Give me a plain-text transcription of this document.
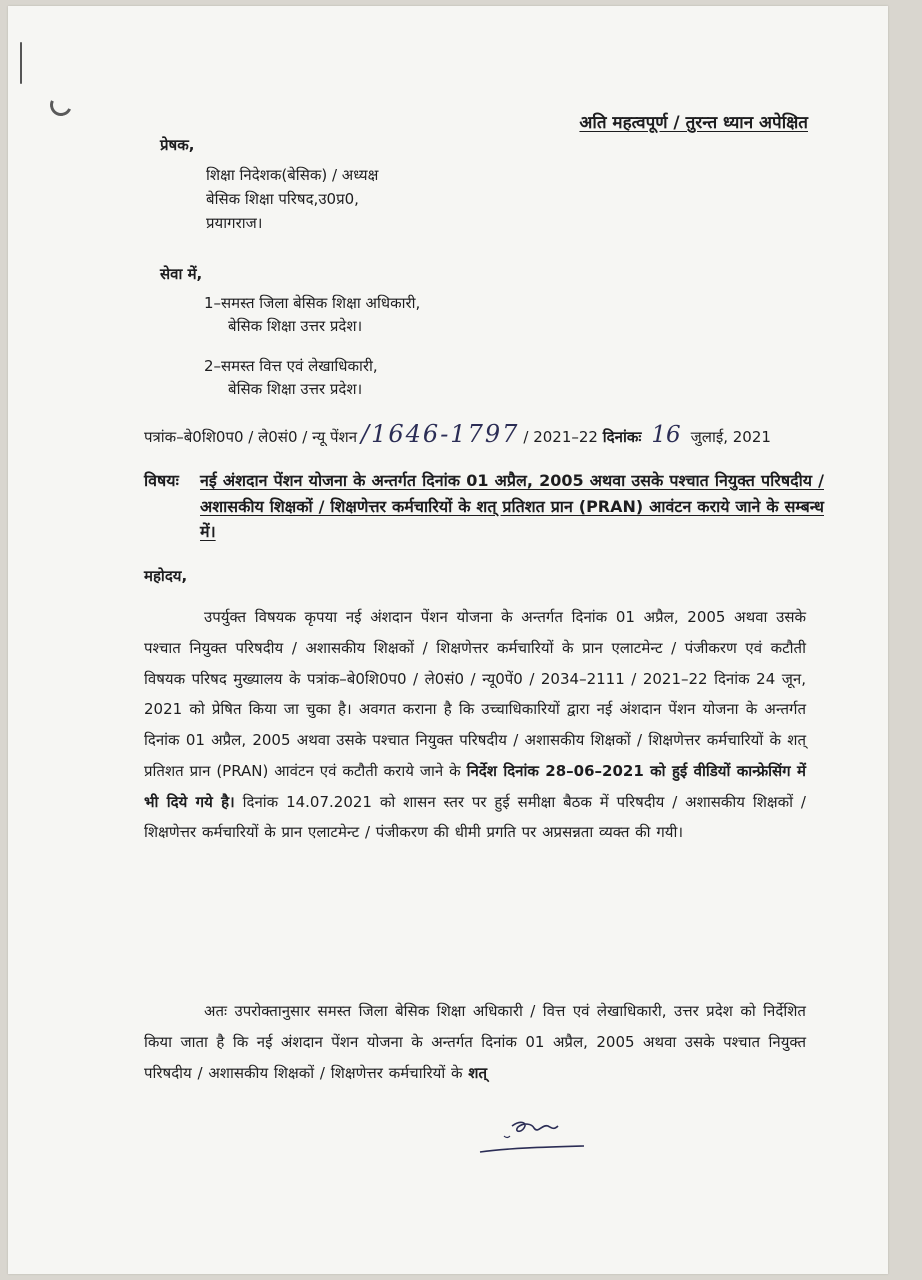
अति महत्वपूर्ण / तुरन्त ध्यान अपेक्षित
प्रेषक,
शिक्षा निदेशक(बेसिक) / अध्यक्ष
बेसिक शिक्षा परिषद,उ0प्र0,
प्रयागराज।
सेवा में,
1–समस्त जिला बेसिक शिक्षा अधिकारी,
बेसिक शिक्षा उत्तर प्रदेश।
2–समस्त वित्त एवं लेखाधिकारी,
बेसिक शिक्षा उत्तर प्रदेश।
पत्रांक–बे0शि0प0 / ले0सं0 / न्यू पेंशन /1646-1797 / 2021–22 दिनांकः 16 जुलाई, 2021
विषयः नई अंशदान पेंशन योजना के अन्तर्गत दिनांक 01 अप्रैल, 2005 अथवा उसके पश्चात नियुक्त परिषदीय / अशासकीय शिक्षकों / शिक्षणेत्तर कर्मचारियों के शत् प्रतिशत प्रान (PRAN) आवंटन कराये जाने के सम्बन्ध में।
महोदय,
उपर्युक्त विषयक कृपया नई अंशदान पेंशन योजना के अन्तर्गत दिनांक 01 अप्रैल, 2005 अथवा उसके पश्चात नियुक्त परिषदीय / अशासकीय शिक्षकों / शिक्षणेत्तर कर्मचारियों के प्रान एलाटमेन्ट / पंजीकरण एवं कटौती विषयक परिषद मुख्यालय के पत्रांक–बे0शि0प0 / ले0सं0 / न्यू0पें0 / 2034–2111 / 2021–22 दिनांक 24 जून, 2021 को प्रेषित किया जा चुका है। अवगत कराना है कि उच्चाधिकारियों द्वारा नई अंशदान पेंशन योजना के अन्तर्गत दिनांक 01 अप्रैल, 2005 अथवा उसके पश्चात नियुक्त परिषदीय / अशासकीय शिक्षकों / शिक्षणेत्तर कर्मचारियों के शत् प्रतिशत प्रान (PRAN) आवंटन एवं कटौती कराये जाने के निर्देश दिनांक 28–06–2021 को हुई वीडियों कान्फ्रेसिंग में भी दिये गये है। दिनांक 14.07.2021 को शासन स्तर पर हुई समीक्षा बैठक में परिषदीय / अशासकीय शिक्षकों / शिक्षणेत्तर कर्मचारियों के प्रान एलाटमेन्ट / पंजीकरण की धीमी प्रगति पर अप्रसन्नता व्यक्त की गयी।
अतः उपरोक्तानुसार समस्त जिला बेसिक शिक्षा अधिकारी / वित्त एवं लेखाधिकारी, उत्तर प्रदेश को निर्देशित किया जाता है कि नई अंशदान पेंशन योजना के अन्तर्गत दिनांक 01 अप्रैल, 2005 अथवा उसके पश्चात नियुक्त परिषदीय / अशासकीय शिक्षकों / शिक्षणेत्तर कर्मचारियों के शत्
